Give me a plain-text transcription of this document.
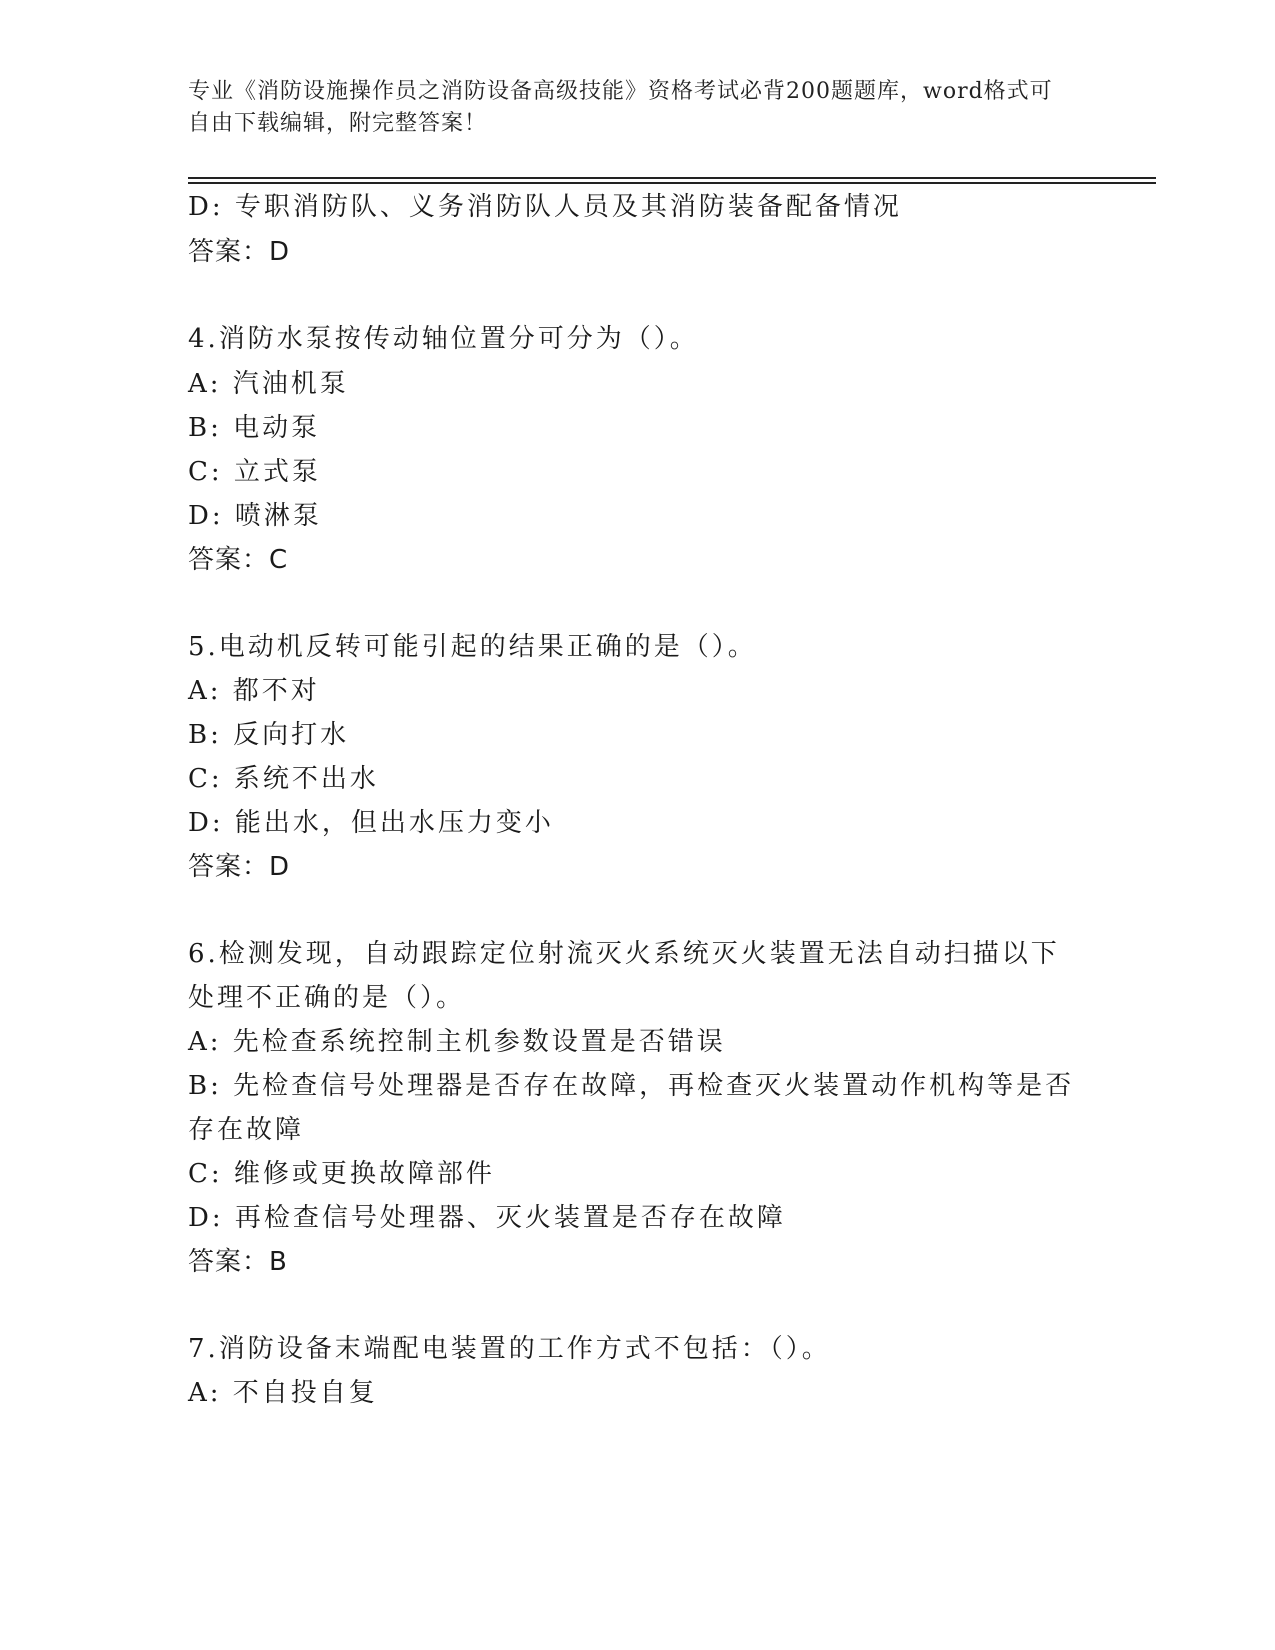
专业《消防设施操作员之消防设备高级技能》资格考试必背200题题库，word格式可自由下载编辑，附完整答案！
D: 专职消防队、义务消防队人员及其消防装备配备情况
答案：D
4.消防水泵按传动轴位置分可分为（）。
A: 汽油机泵
B: 电动泵
C: 立式泵
D: 喷淋泵
答案：C
5.电动机反转可能引起的结果正确的是（）。
A: 都不对
B: 反向打水
C: 系统不出水
D: 能出水，但出水压力变小
答案：D
6.检测发现，自动跟踪定位射流灭火系统灭火装置无法自动扫描以下
处理不正确的是（）。
A: 先检查系统控制主机参数设置是否错误
B: 先检查信号处理器是否存在故障，再检查灭火装置动作机构等是否
存在故障
C: 维修或更换故障部件
D: 再检查信号处理器、灭火装置是否存在故障
答案：B
7.消防设备末端配电装置的工作方式不包括：（）。
A: 不自投自复
